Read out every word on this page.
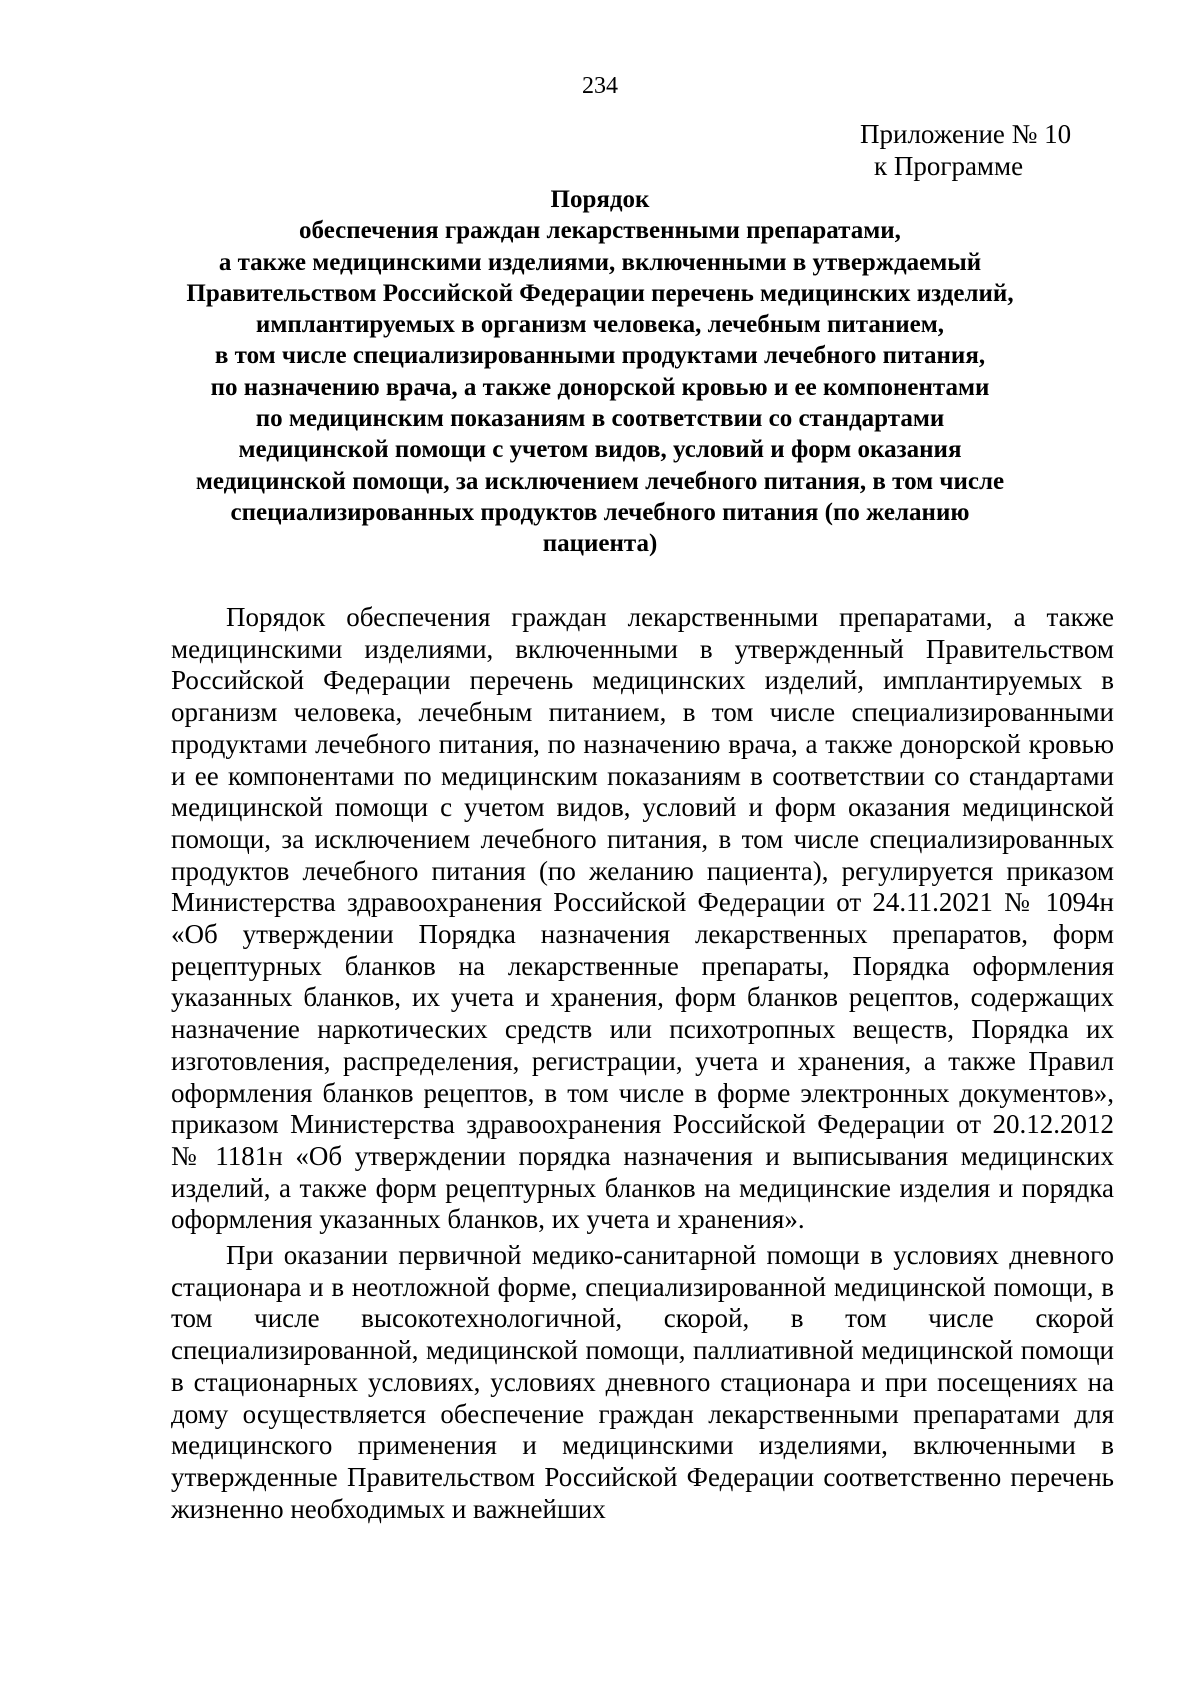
234
Приложение № 10
к Программе
Порядок
обеспечения граждан лекарственными препаратами,
а также медицинскими изделиями, включенными в утверждаемый
Правительством Российской Федерации перечень медицинских изделий,
имплантируемых в организм человека, лечебным питанием,
в том числе специализированными продуктами лечебного питания,
по назначению врача, а также донорской кровью и ее компонентами
по медицинским показаниям в соответствии со стандартами
медицинской помощи с учетом видов, условий и форм оказания
медицинской помощи, за исключением лечебного питания, в том числе
специализированных продуктов лечебного питания (по желанию
пациента)

Порядок обеспечения граждан лекарственными препаратами, а также медицинскими изделиями, включенными в утвержденный Правительством Российской Федерации перечень медицинских изделий, имплантируемых в организм человека, лечебным питанием, в том числе специализированными продуктами лечебного питания, по назначению врача, а также донорской кровью и ее компонентами по медицинским показаниям в соответствии со стандартами медицинской помощи с учетом видов, условий и форм оказания медицинской помощи, за исключением лечебного питания, в том числе специализированных продуктов лечебного питания (по желанию пациента), регулируется приказом Министерства здравоохранения Российской Федерации от 24.11.2021 № 1094н «Об утверждении Порядка назначения лекарственных препаратов, форм рецептурных бланков на лекарственные препараты, Порядка оформления указанных бланков, их учета и хранения, форм бланков рецептов, содержащих назначение наркотических средств или психотропных веществ, Порядка их изготовления, распределения, регистрации, учета и хранения, а также Правил оформления бланков рецептов, в том числе в форме электронных документов», приказом Министерства здравоохранения Российской Федерации от 20.12.2012 № 1181н «Об утверждении порядка назначения и выписывания медицинских изделий, а также форм рецептурных бланков на медицинские изделия и порядка оформления указанных бланков, их учета и хранения».

При оказании первичной медико-санитарной помощи в условиях дневного стационара и в неотложной форме, специализированной медицинской помощи, в том числе высокотехнологичной, скорой, в том числе скорой специализированной, медицинской помощи, паллиативной медицинской помощи в стационарных условиях, условиях дневного стационара и при посещениях на дому осуществляется обеспечение граждан лекарственными препаратами для медицинского применения и медицинскими изделиями, включенными в утвержденные Правительством Российской Федерации соответственно перечень жизненно необходимых и важнейших
